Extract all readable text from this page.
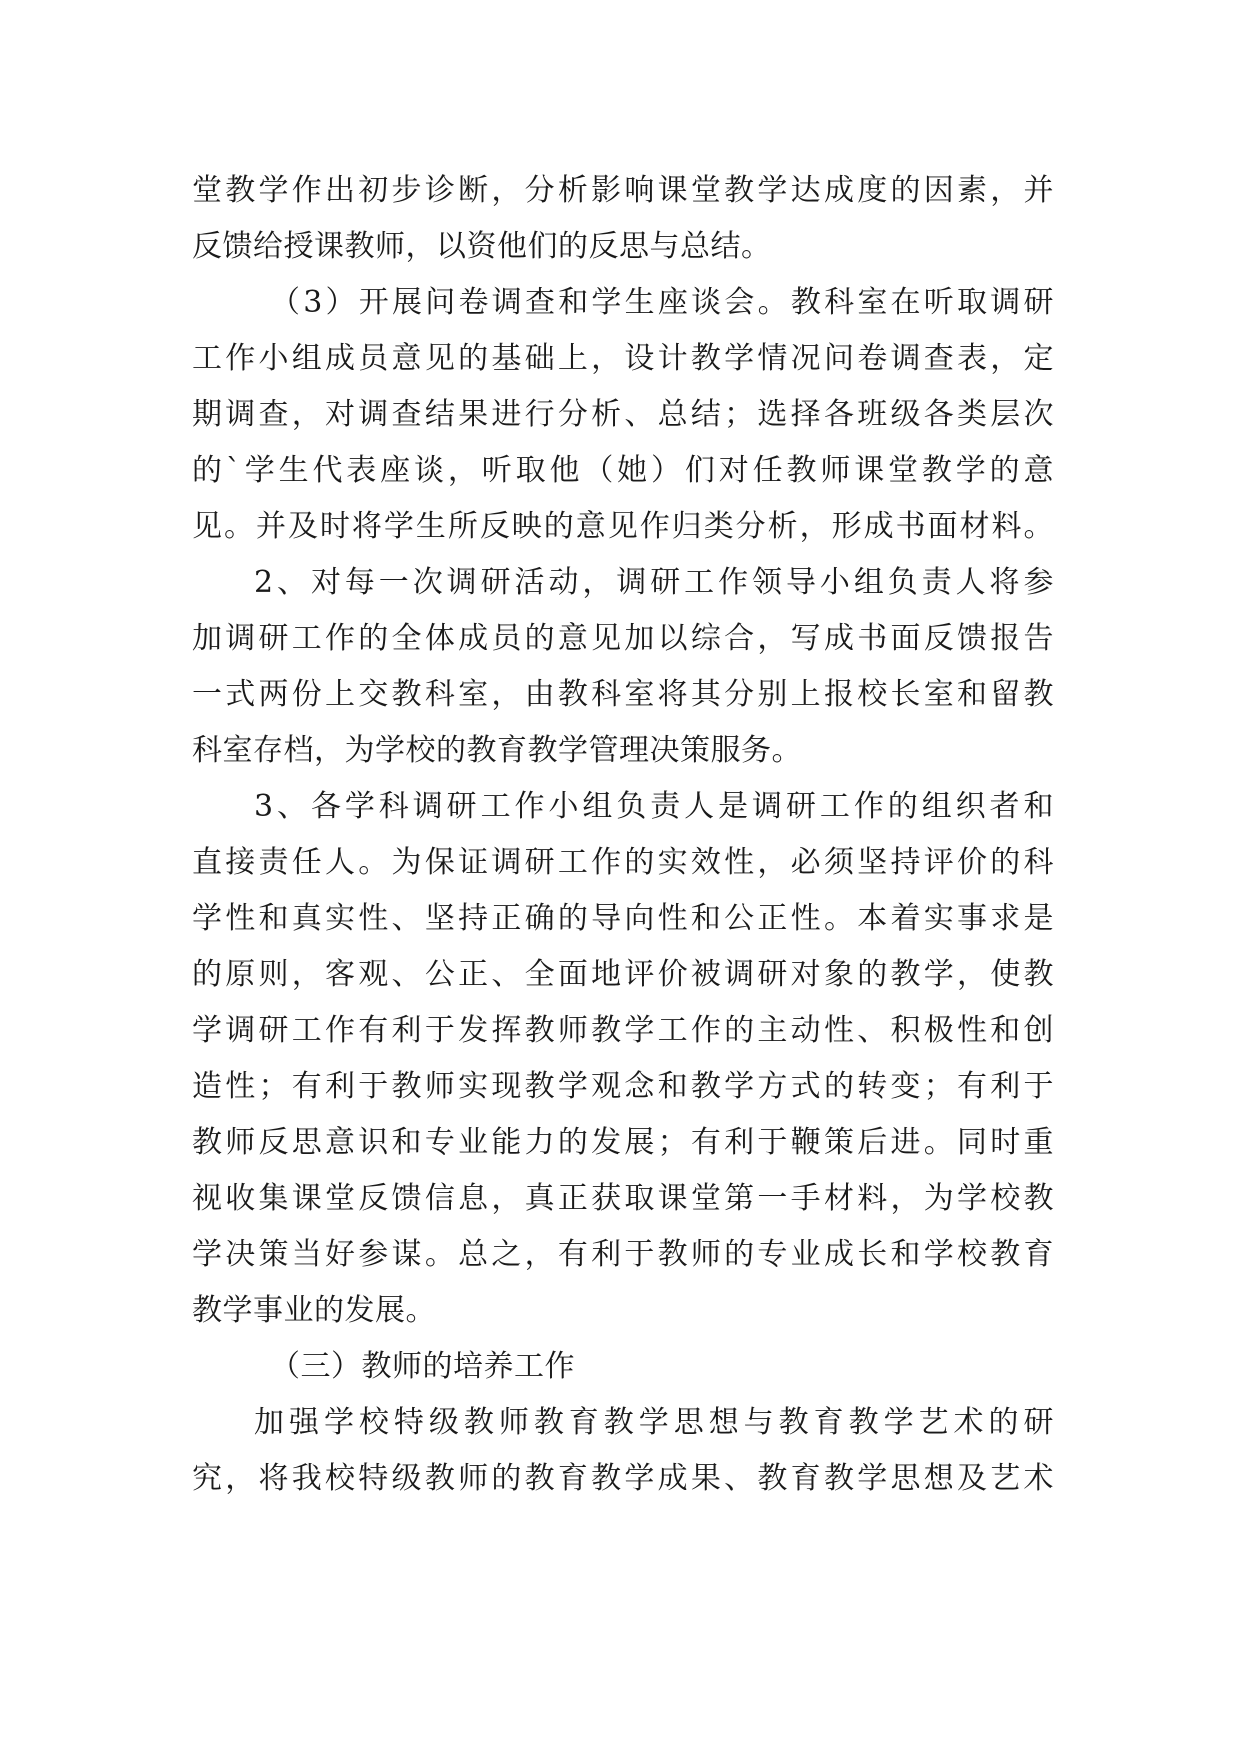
堂教学作出初步诊断，分析影响课堂教学达成度的因素，并
反馈给授课教师，以资他们的反思与总结。
（3）开展问卷调查和学生座谈会。教科室在听取调研
工作小组成员意见的基础上，设计教学情况问卷调查表，定
期调查，对调查结果进行分析、总结；选择各班级各类层次
的`学生代表座谈，听取他（她）们对任教师课堂教学的意
见。并及时将学生所反映的意见作归类分析，形成书面材料。
2、对每一次调研活动，调研工作领导小组负责人将参
加调研工作的全体成员的意见加以综合，写成书面反馈报告
一式两份上交教科室，由教科室将其分别上报校长室和留教
科室存档，为学校的教育教学管理决策服务。
3、各学科调研工作小组负责人是调研工作的组织者和
直接责任人。为保证调研工作的实效性，必须坚持评价的科
学性和真实性、坚持正确的导向性和公正性。本着实事求是
的原则，客观、公正、全面地评价被调研对象的教学，使教
学调研工作有利于发挥教师教学工作的主动性、积极性和创
造性；有利于教师实现教学观念和教学方式的转变；有利于
教师反思意识和专业能力的发展；有利于鞭策后进。同时重
视收集课堂反馈信息，真正获取课堂第一手材料，为学校教
学决策当好参谋。总之，有利于教师的专业成长和学校教育
教学事业的发展。
（三）教师的培养工作
加强学校特级教师教育教学思想与教育教学艺术的研
究，将我校特级教师的教育教学成果、教育教学思想及艺术
